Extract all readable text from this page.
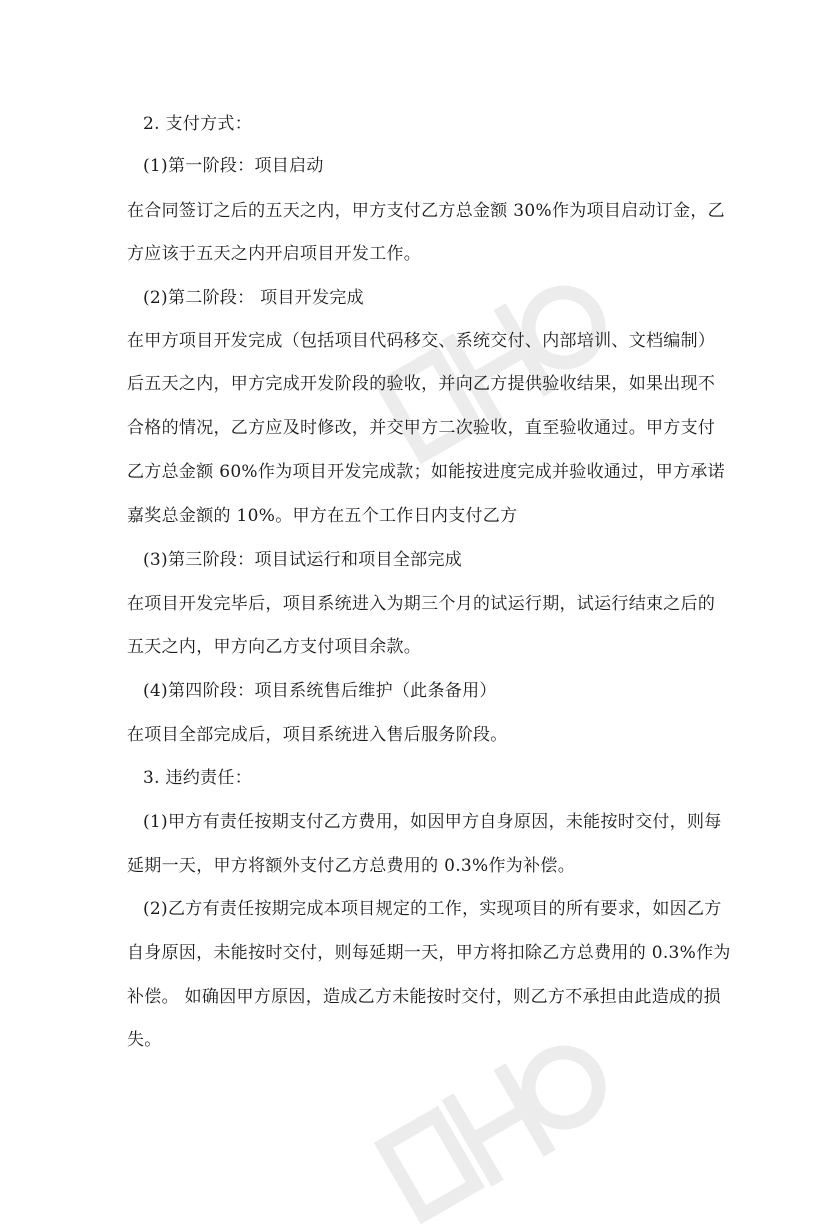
2. 支付方式：
(1)第一阶段：项目启动
在合同签订之后的五天之内，甲方支付乙方总金额 30%作为项目启动订金，乙
方应该于五天之内开启项目开发工作。
(2)第二阶段： 项目开发完成
在甲方项目开发完成（包括项目代码移交、系统交付、内部培训、文档编制）
后五天之内，甲方完成开发阶段的验收，并向乙方提供验收结果，如果出现不
合格的情况，乙方应及时修改，并交甲方二次验收，直至验收通过。甲方支付
乙方总金额 60%作为项目开发完成款；如能按进度完成并验收通过，甲方承诺
嘉奖总金额的 10%。甲方在五个工作日内支付乙方
(3)第三阶段：项目试运行和项目全部完成
在项目开发完毕后，项目系统进入为期三个月的试运行期，试运行结束之后的
五天之内，甲方向乙方支付项目余款。
(4)第四阶段：项目系统售后维护（此条备用）
在项目全部完成后，项目系统进入售后服务阶段。
3. 违约责任：
(1)甲方有责任按期支付乙方费用，如因甲方自身原因，未能按时交付，则每
延期一天，甲方将额外支付乙方总费用的 0.3%作为补偿。
(2)乙方有责任按期完成本项目规定的工作，实现项目的所有要求，如因乙方
自身原因，未能按时交付，则每延期一天，甲方将扣除乙方总费用的 0.3%作为
补偿。 如确因甲方原因，造成乙方未能按时交付，则乙方不承担由此造成的损
失。
